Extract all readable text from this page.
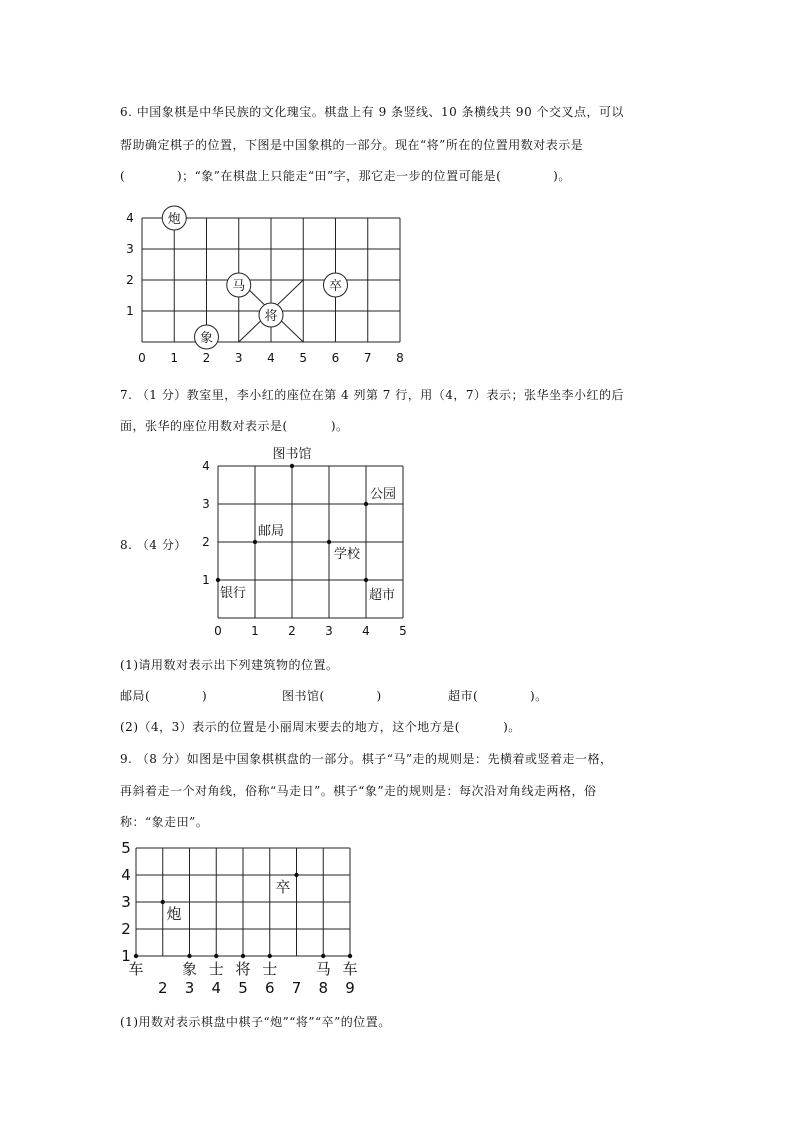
6. 中国象棋是中华民族的文化瑰宝。棋盘上有 9 条竖线、10 条横线共 90 个交叉点，可以
帮助确定棋子的位置，下图是中国象棋的一部分。现在“将”所在的位置用数对表示是
(            )；“象”在棋盘上只能走“田”字，那它走一步的位置可能是(            )。
0 1 2 3 4 5 6 7 8
1
2
3
4	炮
马
将
卒
象
7. （1 分）教室里，李小红的座位在第 4 列第 7 行，用（4，7）表示；张华坐李小红的后
面，张华的座位用数对表示是(          )。
8. （4 分）
0 1 2 3 4 5
1
2
3
4
图书馆
公园
邮局
学校
银行	超市
(1)请用数对表示出下列建筑物的位置。
邮局(            )	图书馆(            )	超市(            )。
(2)（4，3）表示的位置是小丽周末要去的地方，这个地方是(          )。
9. （8 分）如图是中国象棋棋盘的一部分。棋子“马”走的规则是：先横着或竖着走一格，
再斜着走一个对角线，俗称“马走日”。棋子“象”走的规则是：每次沿对角线走两格，俗
称：“象走田”。
1
2
3
4
5
车	象 士 将 士	马 车
2 3 4 5 6 7 8 9
炮
卒
(1)用数对表示棋盘中棋子“炮”“将”“卒”的位置。
